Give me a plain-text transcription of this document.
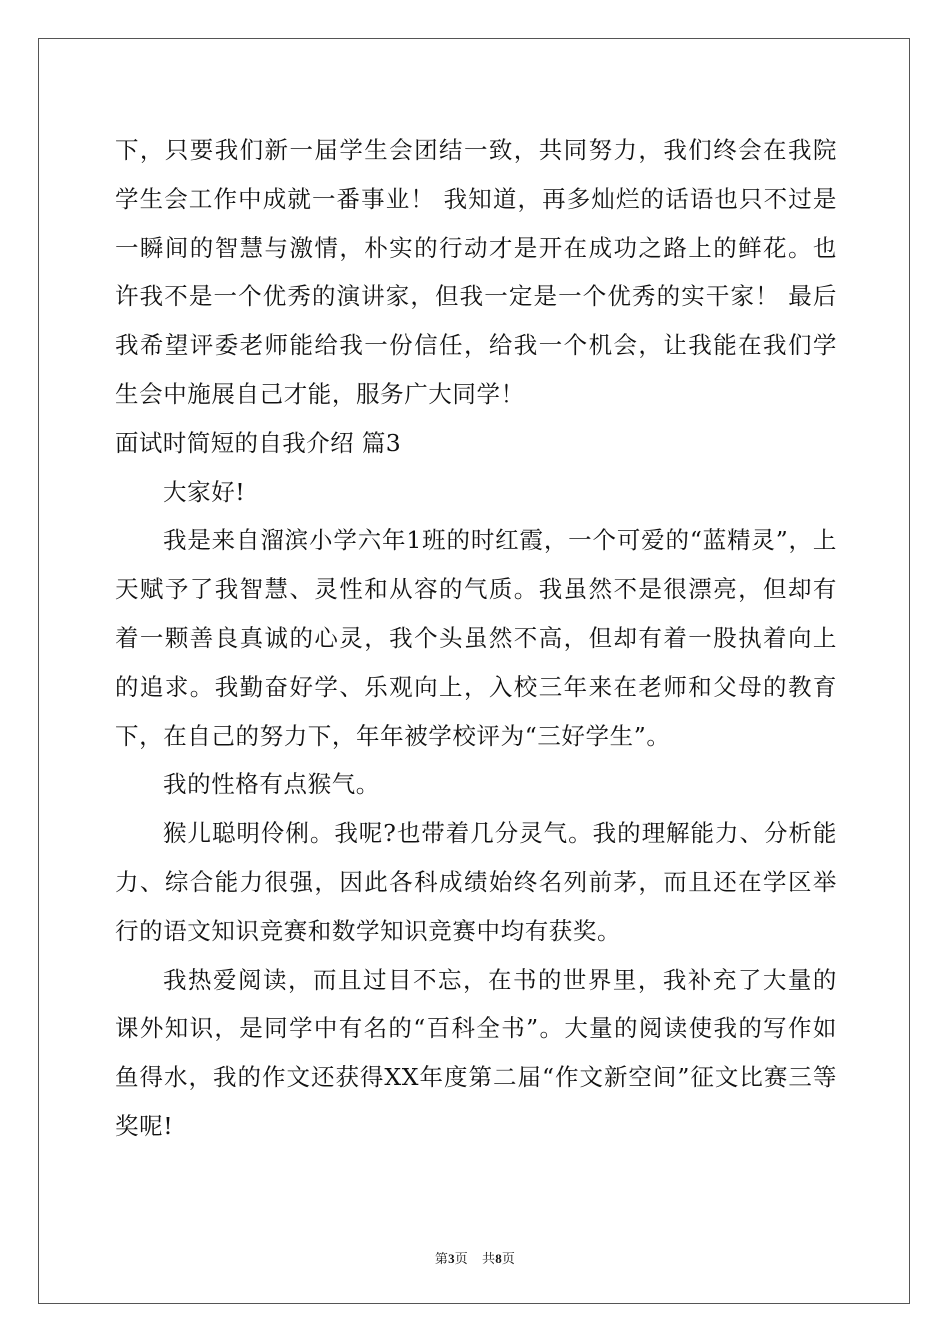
下，只要我们新一届学生会团结一致，共同努力，我们终会在我院学生会工作中成就一番事业！ 我知道，再多灿烂的话语也只不过是一瞬间的智慧与激情，朴实的行动才是开在成功之路上的鲜花。也许我不是一个优秀的演讲家，但我一定是一个优秀的实干家！ 最后我希望评委老师能给我一份信任，给我一个机会，让我能在我们学生会中施展自己才能，服务广大同学！

面试时简短的自我介绍 篇3

大家好!

我是来自溜滨小学六年1班的时红霞，一个可爱的“蓝精灵”，上天赋予了我智慧、灵性和从容的气质。我虽然不是很漂亮，但却有着一颗善良真诚的心灵，我个头虽然不高，但却有着一股执着向上的追求。我勤奋好学、乐观向上，入校三年来在老师和父母的教育下，在自己的努力下，年年被学校评为“三好学生”。

我的性格有点猴气。

猴儿聪明伶俐。我呢?也带着几分灵气。我的理解能力、分析能力、综合能力很强，因此各科成绩始终名列前茅，而且还在学区举行的语文知识竞赛和数学知识竞赛中均有获奖。

我热爱阅读，而且过目不忘，在书的世界里，我补充了大量的课外知识，是同学中有名的“百科全书”。大量的阅读使我的写作如鱼得水，我的作文还获得XX年度第二届“作文新空间”征文比赛三等奖呢!

第3页 共8页
